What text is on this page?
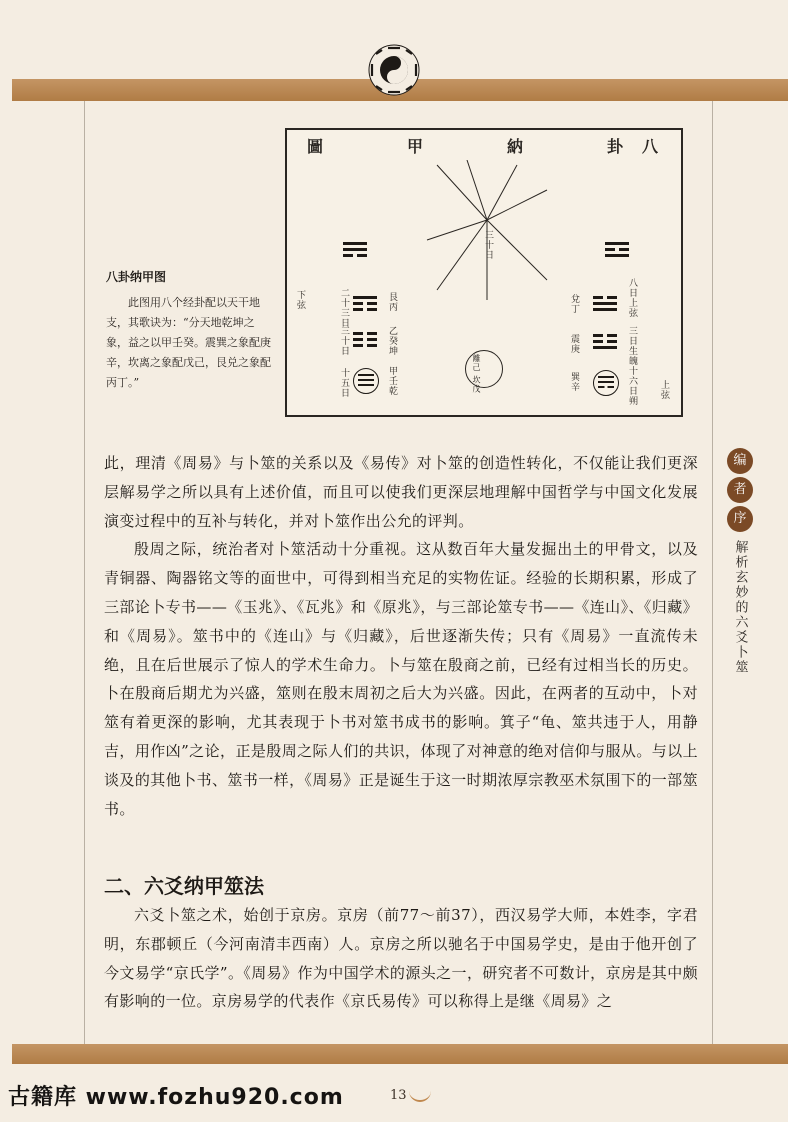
圖	甲	納	卦 八
三十日
下弦	二十三日
三十日
十五日
艮丙
乙癸坤
甲壬乾	離己 坎戊
兌丁
震庚
巽辛
八日上弦
三日生魄
十六日朔 上弦
八卦纳甲图

此图用八个经卦配以天干地支，其歌诀为：“分天地乾坤之象，益之以甲壬癸。震巽之象配庚辛，坎离之象配戊己，艮兑之象配丙丁。”

此，理清《周易》与卜筮的关系以及《易传》对卜筮的创造性转化，不仅能让我们更深层解易学之所以具有上述价值，而且可以使我们更深层地理解中国哲学与中国文化发展演变过程中的互补与转化，并对卜筮作出公允的评判。

殷周之际，统治者对卜筮活动十分重视。这从数百年大量发掘出土的甲骨文，以及青铜器、陶器铭文等的面世中，可得到相当充足的实物佐证。经验的长期积累，形成了三部论卜专书——《玉兆》、《瓦兆》和《原兆》，与三部论筮专书——《连山》、《归藏》和《周易》。筮书中的《连山》与《归藏》，后世逐渐失传；只有《周易》一直流传未绝，且在后世展示了惊人的学术生命力。卜与筮在殷商之前，已经有过相当长的历史。卜在殷商后期尤为兴盛，筮则在殷末周初之后大为兴盛。因此，在两者的互动中，卜对筮有着更深的影响，尤其表现于卜书对筮书成书的影响。箕子“龟、筮共违于人，用静吉，用作凶”之论，正是殷周之际人们的共识，体现了对神意的绝对信仰与服从。与以上谈及的其他卜书、筮书一样，《周易》正是诞生于这一时期浓厚宗教巫术氛围下的一部筮书。

二、六爻纳甲筮法

六爻卜筮之术，始创于京房。京房（前77～前37），西汉易学大师，本姓李，字君明，东郡顿丘（今河南清丰西南）人。京房之所以驰名于中国易学史，是由于他开创了今文易学“京氏学”。《周易》作为中国学术的源头之一，研究者不可数计，京房是其中颇有影响的一位。京房易学的代表作《京氏易传》可以称得上是继《周易》之

编
者
序
解析玄妙的六爻卜筮
古籍库 www.fozhu920.com	13
